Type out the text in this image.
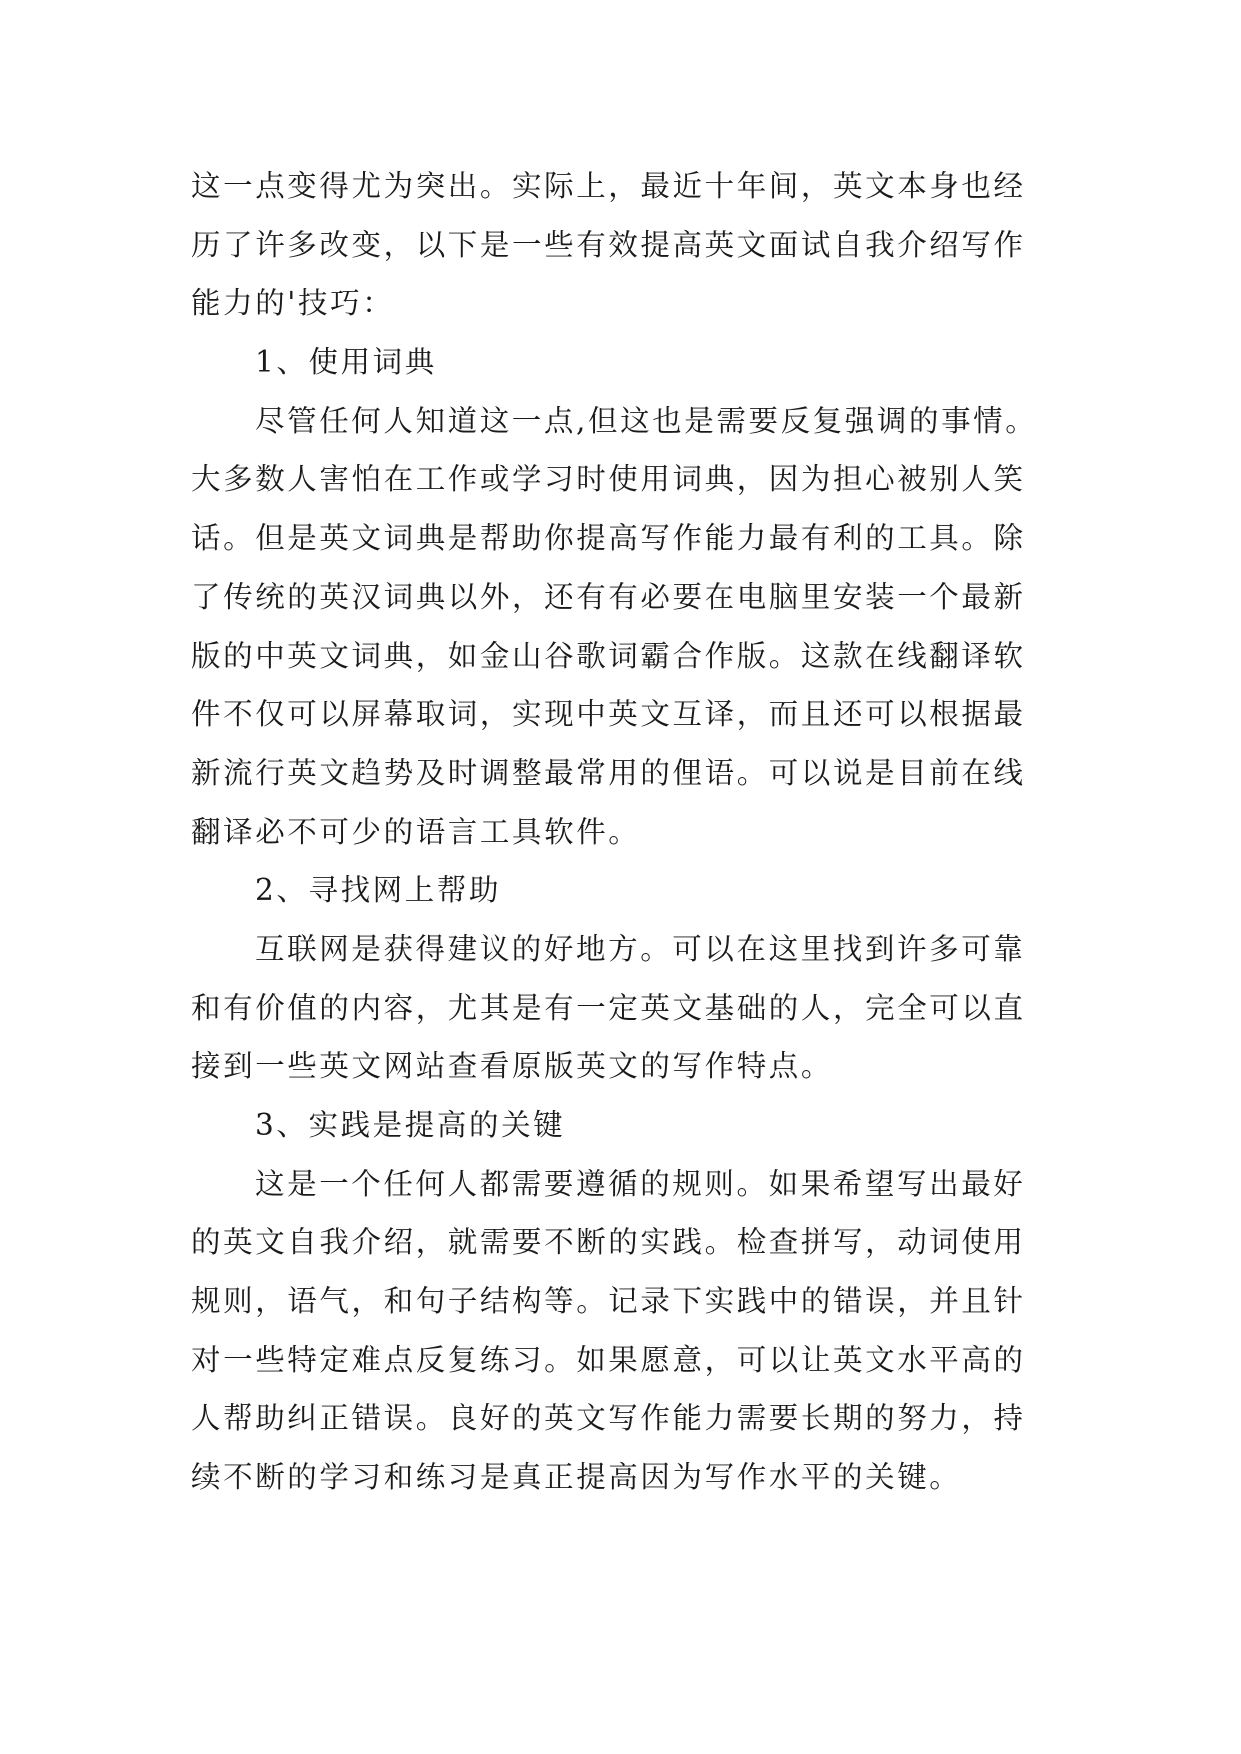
这一点变得尤为突出。实际上，最近十年间，英文本身也经
历了许多改变，以下是一些有效提高英文面试自我介绍写作
能力的'技巧：
1、使用词典
尽管任何人知道这一点,但这也是需要反复强调的事情。
大多数人害怕在工作或学习时使用词典，因为担心被别人笑
话。但是英文词典是帮助你提高写作能力最有利的工具。除
了传统的英汉词典以外，还有有必要在电脑里安装一个最新
版的中英文词典，如金山谷歌词霸合作版。这款在线翻译软
件不仅可以屏幕取词，实现中英文互译，而且还可以根据最
新流行英文趋势及时调整最常用的俚语。可以说是目前在线
翻译必不可少的语言工具软件。
2、寻找网上帮助
互联网是获得建议的好地方。可以在这里找到许多可靠
和有价值的内容，尤其是有一定英文基础的人，完全可以直
接到一些英文网站查看原版英文的写作特点。
3、实践是提高的关键
这是一个任何人都需要遵循的规则。如果希望写出最好
的英文自我介绍，就需要不断的实践。检查拼写，动词使用
规则，语气，和句子结构等。记录下实践中的错误，并且针
对一些特定难点反复练习。如果愿意，可以让英文水平高的
人帮助纠正错误。良好的英文写作能力需要长期的努力，持
续不断的学习和练习是真正提高因为写作水平的关键。
